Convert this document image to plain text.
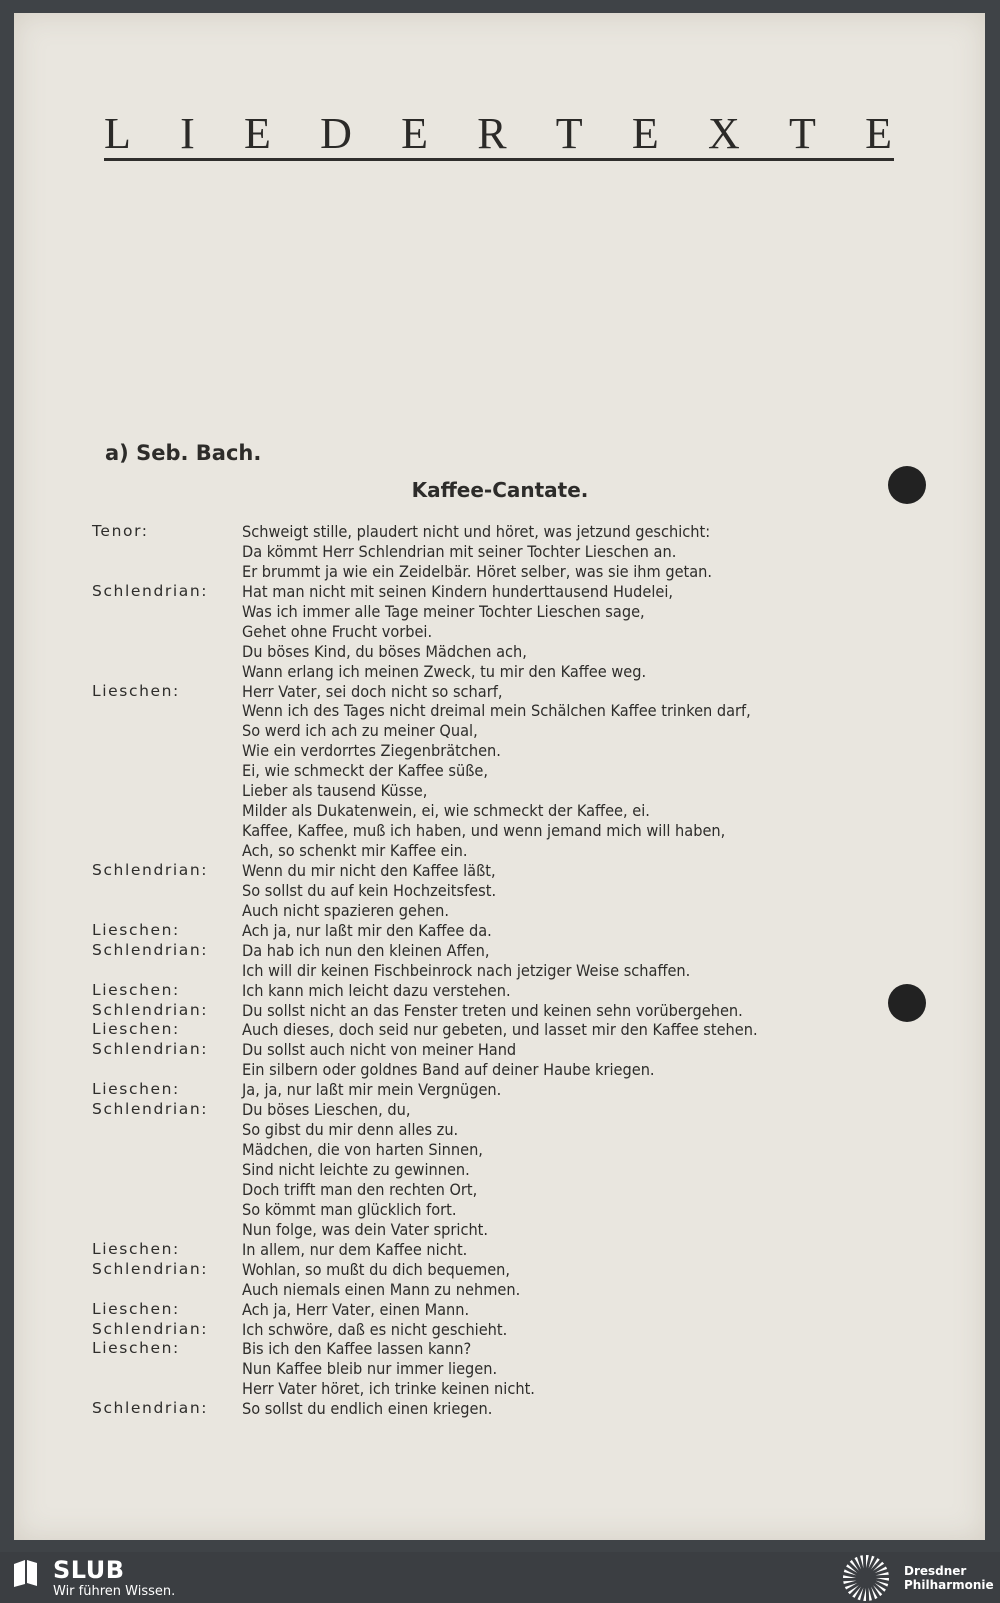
L I E D E R T E X T E
a) Seb. Bach.
Kaffee-Cantate.
Tenor:	Schweigt stille, plaudert nicht und höret, was jetzund geschicht:
Da kömmt Herr Schlendrian mit seiner Tochter Lieschen an.
Er brummt ja wie ein Zeidelbär. Höret selber, was sie ihm getan.
Schlendrian:	Hat man nicht mit seinen Kindern hunderttausend Hudelei,
Was ich immer alle Tage meiner Tochter Lieschen sage,
Gehet ohne Frucht vorbei.
Du böses Kind, du böses Mädchen ach,
Wann erlang ich meinen Zweck, tu mir den Kaffee weg.
Lieschen:	Herr Vater, sei doch nicht so scharf,
Wenn ich des Tages nicht dreimal mein Schälchen Kaffee trinken darf,
So werd ich ach zu meiner Qual,
Wie ein verdorrtes Ziegenbrätchen.
Ei, wie schmeckt der Kaffee süße,
Lieber als tausend Küsse,
Milder als Dukatenwein, ei, wie schmeckt der Kaffee, ei.
Kaffee, Kaffee, muß ich haben, und wenn jemand mich will haben,
Ach, so schenkt mir Kaffee ein.
Schlendrian:	Wenn du mir nicht den Kaffee läßt,
So sollst du auf kein Hochzeitsfest.
Auch nicht spazieren gehen.
Lieschen:	Ach ja, nur laßt mir den Kaffee da.
Schlendrian:	Da hab ich nun den kleinen Affen,
Ich will dir keinen Fischbeinrock nach jetziger Weise schaffen.
Lieschen:	Ich kann mich leicht dazu verstehen.
Schlendrian:	Du sollst nicht an das Fenster treten und keinen sehn vorübergehen.
Lieschen:	Auch dieses, doch seid nur gebeten, und lasset mir den Kaffee stehen.
Schlendrian:	Du sollst auch nicht von meiner Hand
Ein silbern oder goldnes Band auf deiner Haube kriegen.
Lieschen:	Ja, ja, nur laßt mir mein Vergnügen.
Schlendrian:	Du böses Lieschen, du,
So gibst du mir denn alles zu.
Mädchen, die von harten Sinnen,
Sind nicht leichte zu gewinnen.
Doch trifft man den rechten Ort,
So kömmt man glücklich fort.
Nun folge, was dein Vater spricht.
Lieschen:	In allem, nur dem Kaffee nicht.
Schlendrian:	Wohlan, so mußt du dich bequemen,
Auch niemals einen Mann zu nehmen.
Lieschen:	Ach ja, Herr Vater, einen Mann.
Schlendrian:	Ich schwöre, daß es nicht geschieht.
Lieschen:	Bis ich den Kaffee lassen kann?
Nun Kaffee bleib nur immer liegen.
Herr Vater höret, ich trinke keinen nicht.
Schlendrian:	So sollst du endlich einen kriegen.
SLUB
Wir führen Wissen.
Dresdner
Philharmonie
